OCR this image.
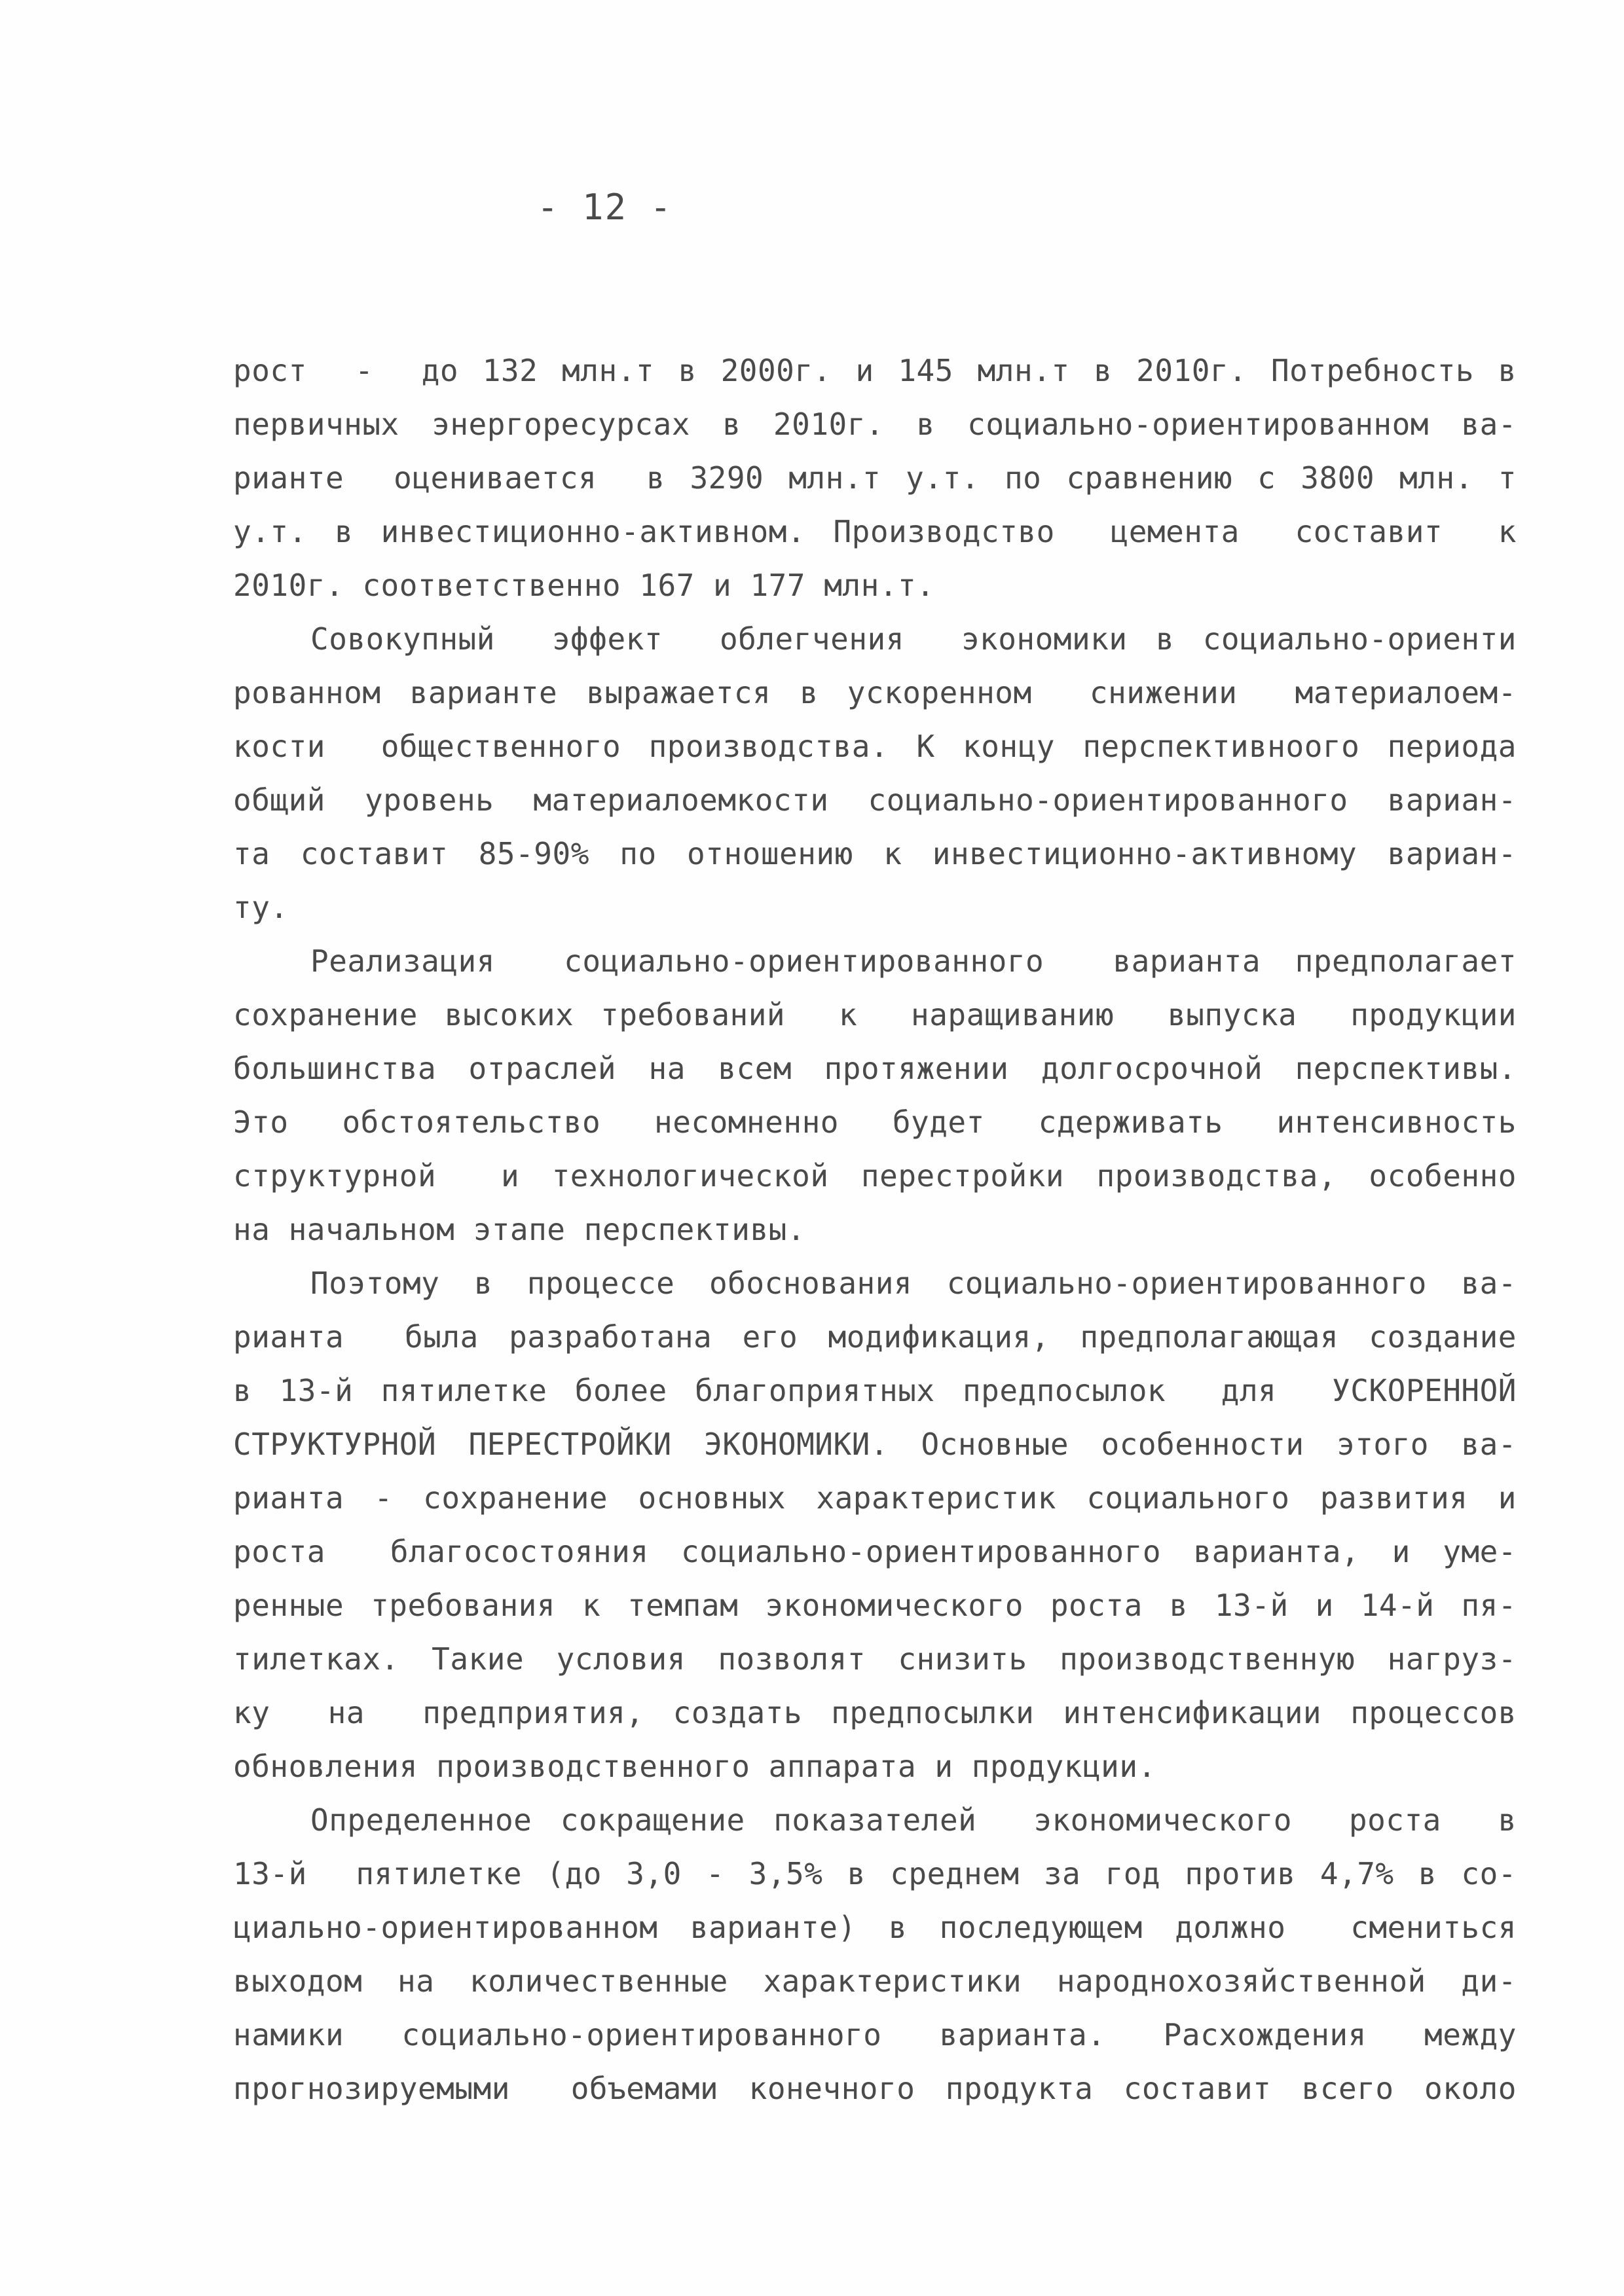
- 12 -
рост  -  до 132 млн.т в 2000г. и 145 млн.т в 2010г. Потребность в
первичных энергоресурсах в 2010г. в социально-ориентированном ва-
рианте  оценивается  в 3290 млн.т у.т. по сравнению с 3800 млн. т
у.т. в инвестиционно-активном. Производство  цемента  составит  к
2010г. соответственно 167 и 177 млн.т.
Совокупный  эффект  облегчения  экономики в социально-ориенти
рованном варианте выражается в ускоренном  снижении  материалоем-
кости  общественного производства. К концу перспективноого периода
общий уровень материалоемкости социально-ориентированного вариан-
та составит 85-90% по отношению к инвестиционно-активному вариан-
ту.
Реализация  социально-ориентированного  варианта предполагает
сохранение высоких требований  к  наращиванию  выпуска  продукции
большинства отраслей на всем протяжении долгосрочной перспективы.
Это  обстоятельство  несомненно  будет  сдерживать  интенсивность
структурной  и технологической перестройки производства, особенно
на начальном этапе перспективы.
Поэтому в процессе обоснования социально-ориентированного ва-
рианта  была разработана его модификация, предполагающая создание
в 13-й пятилетке более благоприятных предпосылок  для  УСКОРЕННОЙ
СТРУКТУРНОЙ ПЕРЕСТРОЙКИ ЭКОНОМИКИ. Основные особенности этого ва-
рианта - сохранение основных характеристик социального развития и
роста  благосостояния социально-ориентированного варианта, и уме-
ренные требования к темпам экономического роста в 13-й и 14-й пя-
тилетках. Такие условия позволят снизить производственную нагруз-
ку  на  предприятия, создать предпосылки интенсификации процессов
обновления производственного аппарата и продукции.
Определенное сокращение показателей  экономического  роста  в
13-й  пятилетке (до 3,0 - 3,5% в среднем за год против 4,7% в со-
циально-ориентированном варианте) в последующем должно  смениться
выходом на количественные характеристики народнохозяйственной ди-
намики  социально-ориентированного  варианта.  Расхождения  между
прогнозируемыми  объемами конечного продукта составит всего около
